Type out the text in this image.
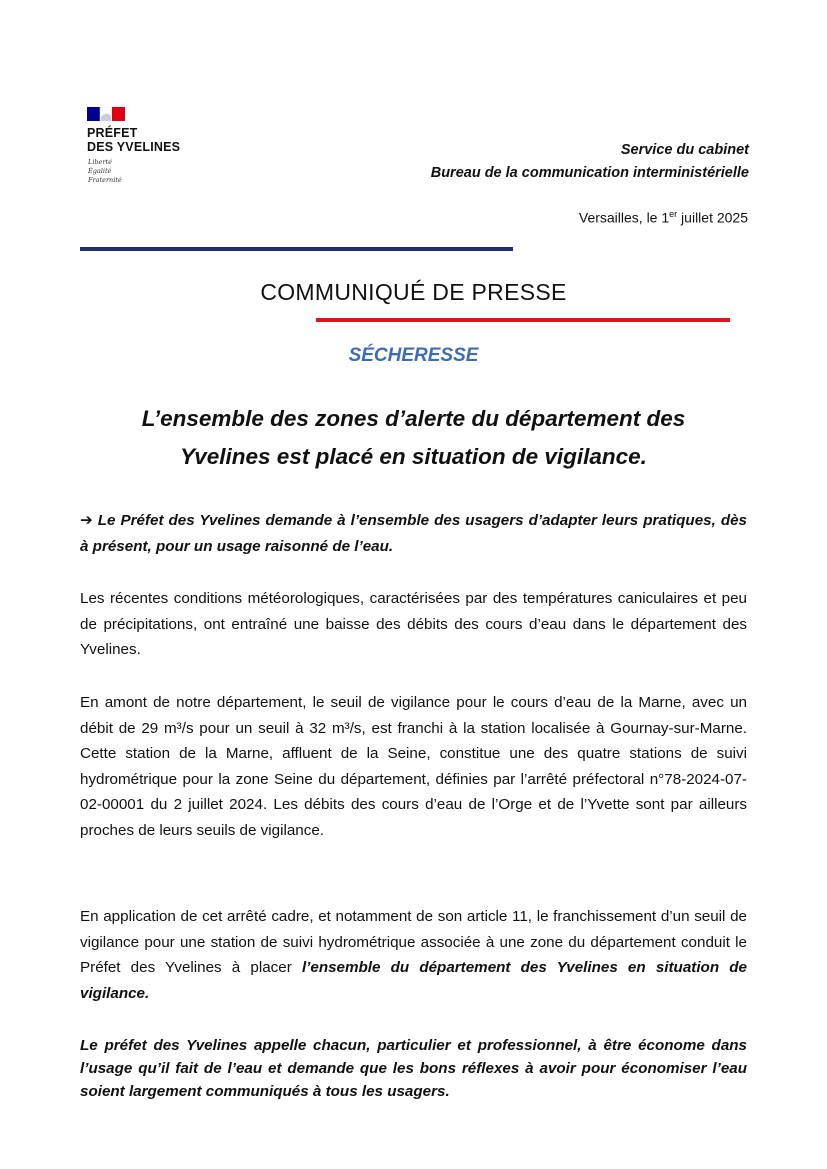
PRÉFET
DES YVELINES
Liberté
Égalité
Fraternité
Service du cabinet
Bureau de la communication interministérielle
Versailles, le 1er juillet 2025
COMMUNIQUÉ DE PRESSE
SÉCHERESSE
L’ensemble des zones d’alerte du département des
Yvelines est placé en situation de vigilance.
➔ Le Préfet des Yvelines demande à l’ensemble des usagers d’adapter leurs pratiques, dès à présent, pour un usage raisonné de l’eau.
Les récentes conditions météorologiques, caractérisées par des températures caniculaires et peu de précipitations, ont entraîné une baisse des débits des cours d’eau dans le département des Yvelines.
En amont de notre département, le seuil de vigilance pour le cours d’eau de la Marne, avec un débit de 29 m³/s pour un seuil à 32 m³/s, est franchi à la station localisée à Gournay-sur-Marne. Cette station de la Marne, affluent de la Seine, constitue une des quatre stations de suivi hydrométrique pour la zone Seine du département, définies par l’arrêté préfectoral n°78-2024-07-02-00001 du 2 juillet 2024. Les débits des cours d’eau de l’Orge et de l’Yvette sont par ailleurs proches de leurs seuils de vigilance.
En application de cet arrêté cadre, et notamment de son article 11, le franchissement d’un seuil de vigilance pour une station de suivi hydrométrique associée à une zone du département conduit le Préfet des Yvelines à placer l’ensemble du département des Yvelines en situation de vigilance.
Le préfet des Yvelines appelle chacun, particulier et professionnel, à être économe dans l’usage qu’il fait de l’eau et demande que les bons réflexes à avoir pour économiser l’eau soient largement communiqués à tous les usagers.
